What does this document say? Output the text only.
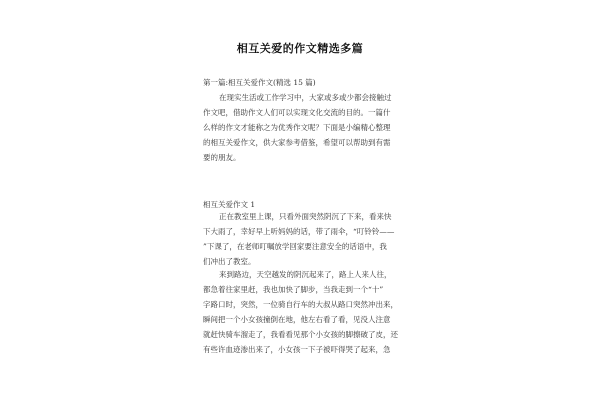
相互关爱的作文精选多篇
第一篇:相互关爱作文(精选 15 篇)
在现实生活或工作学习中，大家或多或少都会接触过
作文吧，借助作文人们可以实现文化交流的目的。一篇什
么样的作文才能称之为优秀作文呢？下面是小编精心整理
的相互关爱作文，供大家参考借鉴，希望可以帮助到有需
要的朋友。
相互关爱作文 1
正在教室里上课，只看外面突然阴沉了下来，看来快
下大雨了，幸好早上听妈妈的话，带了雨伞，“叮铃铃——
”下课了，在老师叮嘱放学回家要注意安全的话语中，我
们冲出了教室。
来到路边，天空越发的阴沉起来了，路上人来人往，
都急着往家里赶，我也加快了脚步，当我走到一个“十”
字路口时，突然，一位骑自行车的大叔从路口突然冲出来，
瞬间把一个小女孩撞倒在地，他左右看了看，见没人注意
就赶快骑车溜走了，我看看见那个小女孩的脚擦破了皮，还
有些许血迹渗出来了，小女孩一下子被吓得哭了起来，急
